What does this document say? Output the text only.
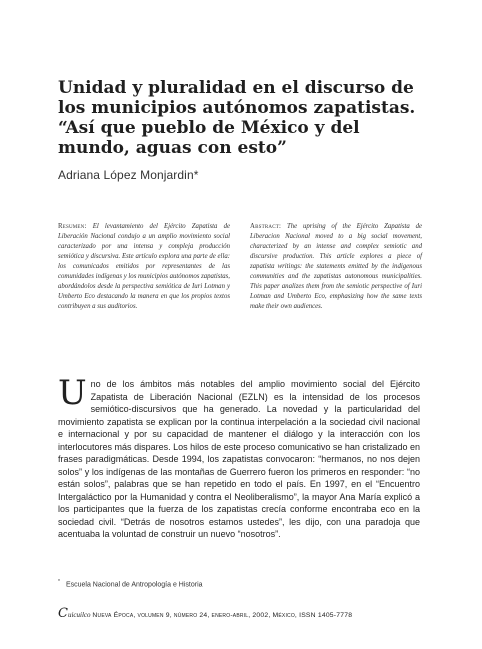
Unidad y pluralidad en el discurso de
los municipios autónomos zapatistas.
“Así que pueblo de México y del
mundo, aguas con esto”
Adriana López Monjardin*
Resumen: El levantamiento del Ejército Zapatista de Liberación Nacional condujo a un amplio movimiento social caracterizado por una intensa y compleja producción semiótica y discursiva. Este artículo explora una parte de ella: los comunicados emitidos por representantes de las comunidades indígenas y los municipios autónomos zapatistas, abordándolos desde la perspectiva semiótica de Iuri Lotman y Umberto Eco destacando la manera en que los propios textos contribuyen a sus auditorios.
Abstract: The uprising of the Ejército Zapatista de Liberacion Nacional moved to a big social movement, characterized by an intense and complex semiotic and discursive production. This article explores a piece of zapatista writings: the statements emitted by the indigenous communities and the zapatistas autonomous municipalities. This paper analizes them from the semiotic perspective of Iuri Lotman and Umberto Eco, emphasizing how the same texts make their own audiences.

Uno de los ámbitos más notables del amplio movimiento social del Ejército Zapatista de Liberación Nacional (EZLN) es la intensidad de los procesos semiótico-discursivos que ha generado. La novedad y la particularidad del movimiento zapatista se explican por la continua interpelación a la sociedad civil nacional e internacional y por su capacidad de mantener el diálogo y la interacción con los interlocutores más dispares. Los hilos de este proceso comunicativo se han cristalizado en frases paradigmáticas. Desde 1994, los zapatistas convocaron: “hermanos, no nos dejen solos” y los indígenas de las montañas de Guerrero fueron los primeros en responder: “no están solos”, palabras que se han repetido en todo el país. En 1997, en el “Encuentro Intergaláctico por la Humanidad y contra el Neoliberalismo”, la mayor Ana María explicó a los participantes que la fuerza de los zapatistas crecía conforme encontraba eco en la sociedad civil. “Detrás de nosotros estamos ustedes”, les dijo, con una paradoja que acentuaba la voluntad de construir un nuevo “nosotros”.

* Escuela Nacional de Antropología e Historia
Cuicuilco Nueva Época, volumen 9, número 24, enero-abril, 2002, México, ISSN 1405-7778
